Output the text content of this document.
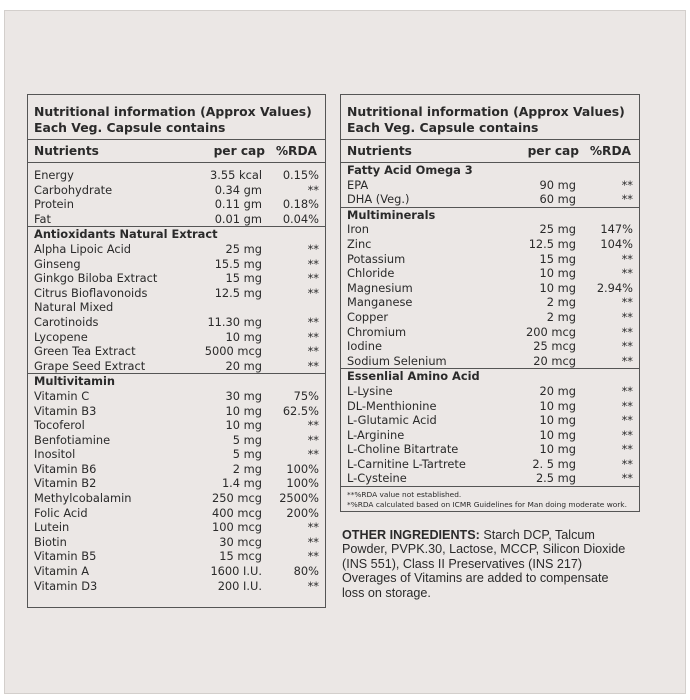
Nutritional information (Approx Values)
Each Veg. Capsule contains
Nutrients	per cap %RDA
Energy	3.55 kcal 0.15%
Carbohydrate	0.34 gm	**
Protein	0.11 gm 0.18%
Fat	0.01 gm 0.04%
Antioxidants Natural Extract
Alpha Lipoic Acid	25 mg	**
Ginseng	15.5 mg	**
Ginkgo Biloba Extract	15 mg	**
Citrus Bioflavonoids	12.5 mg	**
Natural Mixed
Carotinoids	11.30 mg	**
Lycopene	10 mg	**
Green Tea Extract	5000 mcg	**
Grape Seed Extract	20 mg	**
Multivitamin
Vitamin C	30 mg	75%
Vitamin B3	10 mg 62.5%
Tocoferol	10 mg	**
Benfotiamine	5 mg	**
Inositol	5 mg	**
Vitamin B6	2 mg 100%
Vitamin B2	1.4 mg 100%
Methylcobalamin	250 mcg 2500%
Folic Acid	400 mcg 200%
Lutein	100 mcg	**
Biotin	30 mcg	**
Vitamin B5	15 mcg	**
Vitamin A	1600 I.U.	80%
Vitamin D3	200 I.U.	**
Nutritional information (Approx Values)
Each Veg. Capsule contains
Nutrients	per cap %RDA
Fatty Acid Omega 3
EPA	90 mg	**
DHA (Veg.)	60 mg	**
Multiminerals
Iron	25 mg 147%
Zinc	12.5 mg 104%
Potassium	15 mg	**
Chloride	10 mg	**
Magnesium	10 mg 2.94%
Manganese	2 mg	**
Copper	2 mg	**
Chromium	200 mcg	**
Iodine	25 mcg	**
Sodium Selenium	20 mcg	**
Essenlial Amino Acid
L-Lysine	20 mg	**
DL-Menthionine	10 mg	**
L-Glutamic Acid	10 mg	**
L-Arginine	10 mg	**
L-Choline Bitartrate	10 mg	**
L-Carnitine L-Tartrete	2. 5 mg	**
L-Cysteine	2.5 mg	**
**%RDA value not established.
*%RDA calculated based on ICMR Guidelines for Man doing moderate work.
OTHER INGREDIENTS: Starch DCP, Talcum
Powder, PVPK.30, Lactose, MCCP, Silicon Dioxide
(INS 551), Class II Preservatives (INS 217)
Overages of Vitamins are added to compensate
loss on storage.
